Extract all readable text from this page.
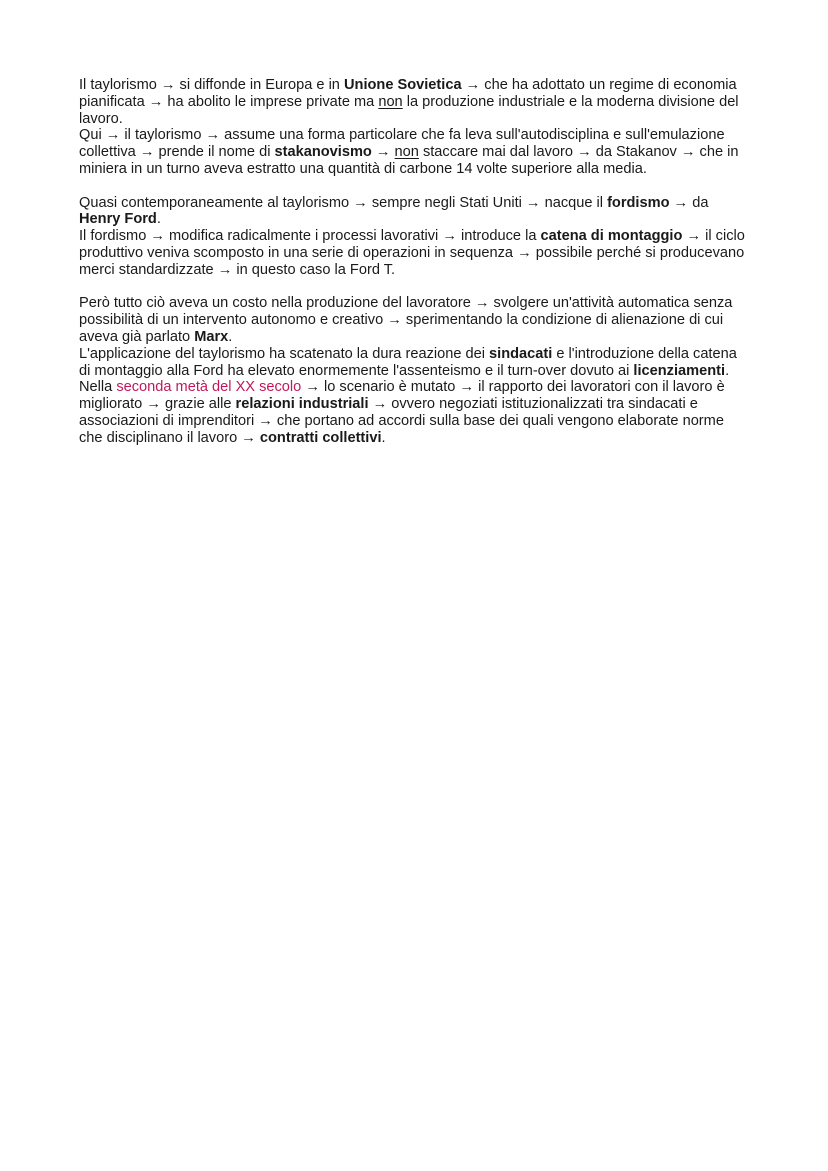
Il taylorismo → si diffonde in Europa e in Unione Sovietica → che ha adottato un regime di economia pianificata → ha abolito le imprese private ma non la produzione industriale e la moderna divisione del lavoro.
Qui → il taylorismo → assume una forma particolare che fa leva sull'autodisciplina e sull'emulazione collettiva → prende il nome di stakanovismo → non staccare mai dal lavoro → da Stakanov → che in miniera in un turno aveva estratto una quantità di carbone 14 volte superiore alla media.

Quasi contemporaneamente al taylorismo → sempre negli Stati Uniti → nacque il fordismo → da Henry Ford.
Il fordismo → modifica radicalmente i processi lavorativi → introduce la catena di montaggio → il ciclo produttivo veniva scomposto in una serie di operazioni in sequenza → possibile perché si producevano merci standardizzate → in questo caso la Ford T.

Però tutto ciò aveva un costo nella produzione del lavoratore → svolgere un'attività automatica senza possibilità di un intervento autonomo e creativo → sperimentando la condizione di alienazione di cui aveva già parlato Marx.
L'applicazione del taylorismo ha scatenato la dura reazione dei sindacati e l'introduzione della catena di montaggio alla Ford ha elevato enormemente l'assenteismo e il turn-over dovuto ai licenziamenti.
Nella seconda metà del XX secolo → lo scenario è mutato → il rapporto dei lavoratori con il lavoro è migliorato → grazie alle relazioni industriali → ovvero negoziati istituzionalizzati tra sindacati e associazioni di imprenditori → che portano ad accordi sulla base dei quali vengono elaborate norme che disciplinano il lavoro → contratti collettivi.
